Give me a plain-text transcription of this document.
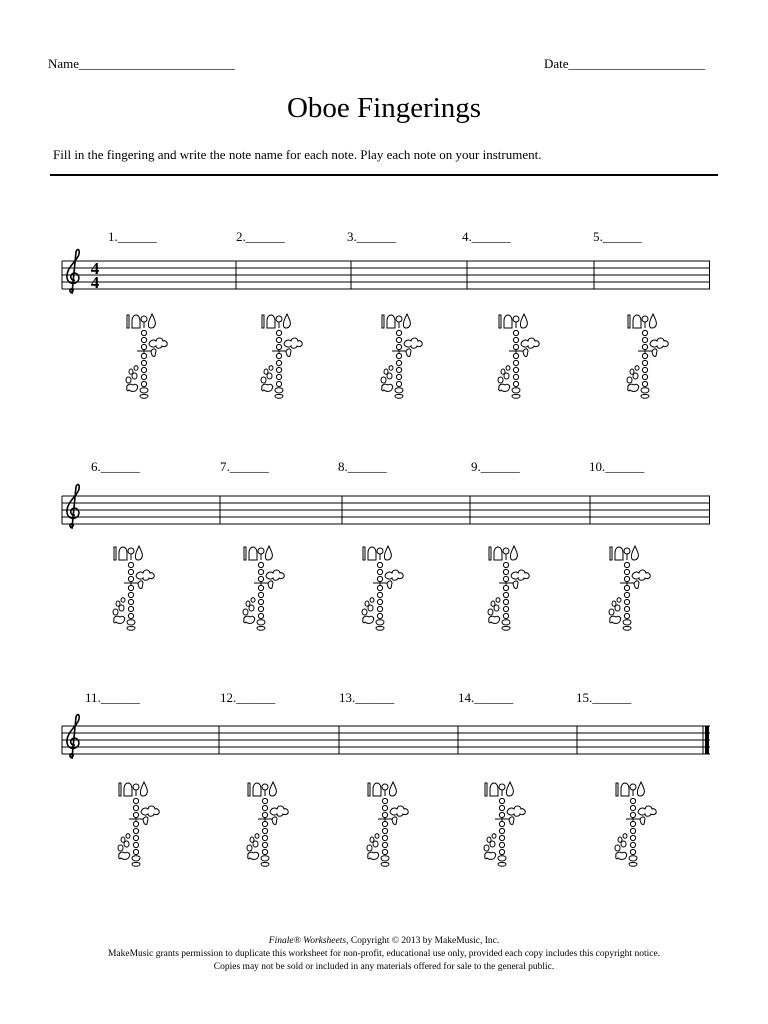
Name________________________	Date_____________________
Oboe Fingerings
Fill in the fingering and write the note name for each note. Play each note on your instrument.
1.______	2.______	3.______	4.______	5.______
4
4
6.______	7.______	8.______	9.______	10.______
11.______	12.______	13.______	14.______	15.______
Finale® Worksheets, Copyright © 2013 by MakeMusic, Inc.
MakeMusic grants permission to duplicate this worksheet for non-profit, educational use only, provided each copy includes this copyright notice.
Copies may not be sold or included in any materials offered for sale to the general public.
